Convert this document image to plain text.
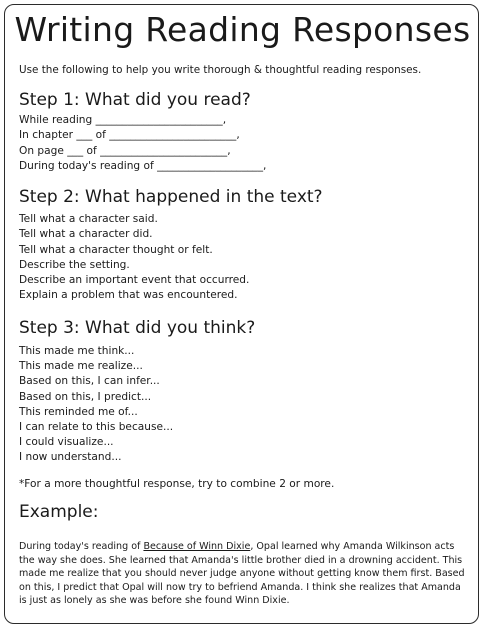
Writing Reading Responses
Use the following to help you write thorough & thoughtful reading responses.
Step 1: What did you read?
While reading ________________________,
In chapter ___ of ________________________,
On page ___ of ________________________,
During today's reading of ____________________,
Step 2: What happened in the text?
Tell what a character said.
Tell what a character did.
Tell what a character thought or felt.
Describe the setting.
Describe an important event that occurred.
Explain a problem that was encountered.
Step 3: What did you think?
This made me think...
This made me realize...
Based on this, I can infer...
Based on this, I predict...
This reminded me of...
I can relate to this because...
I could visualize...
I now understand...
*For a more thoughtful response, try to combine 2 or more.
Example:
During today's reading of Because of Winn Dixie, Opal learned why Amanda Wilkinson acts the way she does. She learned that Amanda's little brother died in a drowning accident. This made me realize that you should never judge anyone without getting know them first. Based on this, I predict that Opal will now try to befriend Amanda. I think she realizes that Amanda is just as lonely as she was before she found Winn Dixie.
